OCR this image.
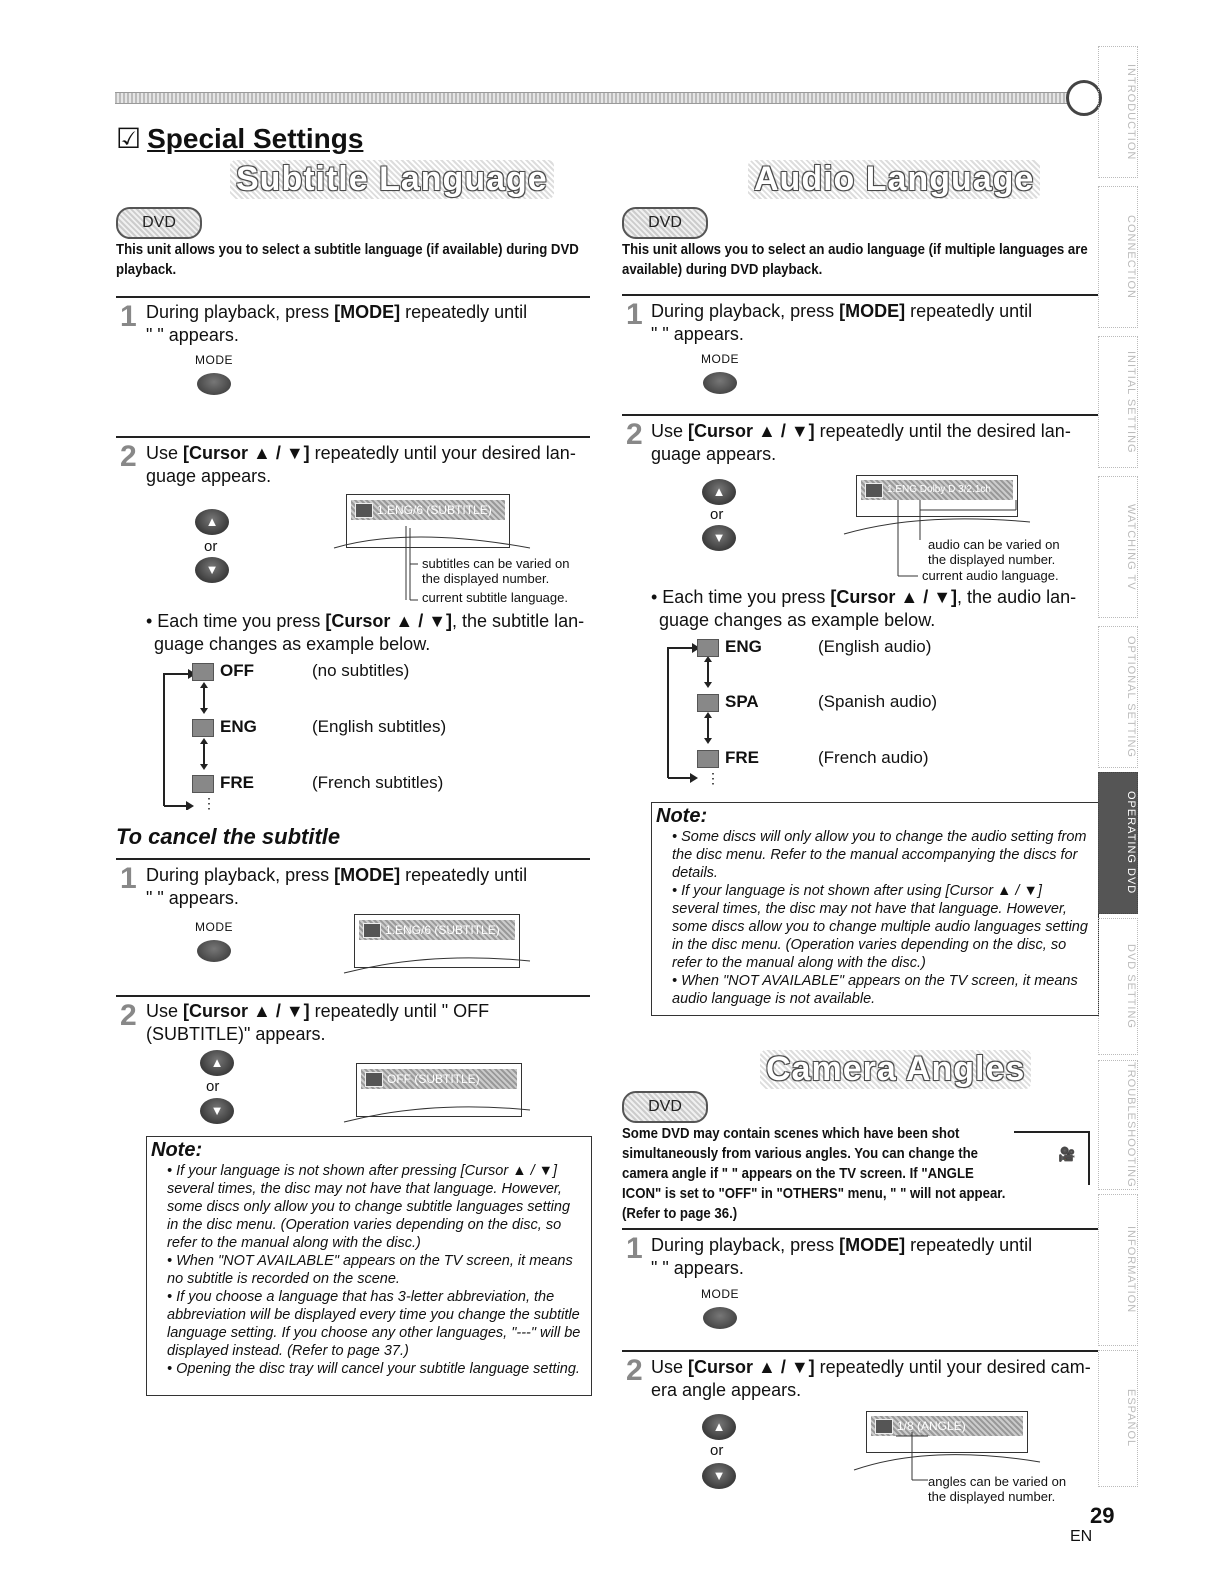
☑ Special Settings
Subtitle Language
DVD
This unit allows you to select a subtitle language (if available) during DVD playback.
1 During playback, press [MODE] repeatedly until
" " appears.
MODE
2 Use [Cursor ▲ / ▼] repeatedly until your desired lan-
guage appears.
▲
or
▼
1.ENG/6 (SUBTITLE)
subtitles can be varied on
the displayed number.
current subtitle language.
• Each time you press [Cursor ▲ / ▼], the subtitle lan-
guage changes as example below.
OFF	(no subtitles)
ENG	(English subtitles)
FRE	(French subtitles)
⋮
To cancel the subtitle
1 During playback, press [MODE] repeatedly until
" " appears.
MODE	1.ENG/6 (SUBTITLE)
2 Use [Cursor ▲ / ▼] repeatedly until " OFF
(SUBTITLE)" appears.
▲
or
▼
OFF (SUBTITLE)
Note:
• If your language is not shown after pressing [Cursor ▲ / ▼] several times, the disc may not have that language. However, some discs only allow you to change subtitle languages setting in the disc menu. (Operation varies depending on the disc, so refer to the manual along with the disc.)
• When "NOT AVAILABLE" appears on the TV screen, it means no subtitle is recorded on the scene.
• If you choose a language that has 3-letter abbreviation, the abbreviation will be displayed every time you change the subtitle language setting. If you choose any other languages, "---" will be displayed instead. (Refer to page 37.)
• Opening the disc tray will cancel your subtitle language setting.
Audio Language
DVD
This unit allows you to select an audio language (if multiple languages are available) during DVD playback.
1 During playback, press [MODE] repeatedly until
" " appears.
MODE
2 Use [Cursor ▲ / ▼] repeatedly until the desired lan-
guage appears.
▲
or
▼
1.ENG Dolby D 3/2.1ch 48k/3
audio can be varied on
the displayed number.
current audio language.
• Each time you press [Cursor ▲ / ▼], the audio lan-
guage changes as example below.
ENG	(English audio)
SPA	(Spanish audio)
FRE	(French audio)
⋮
Note:
• Some discs will only allow you to change the audio setting from the disc menu. Refer to the manual accompanying the discs for details.
• If your language is not shown after using [Cursor ▲ / ▼] several times, the disc may not have that language. However, some discs allow you to change multiple audio languages setting in the disc menu. (Operation varies depending on the disc, so refer to the manual along with the disc.)
• When "NOT AVAILABLE" appears on the TV screen, it means audio language is not available.
Camera Angles
DVD
Some DVD may contain scenes which have been shot simultaneously from various angles. You can change the camera angle if " " appears on the TV screen. If "ANGLE ICON" is set to "OFF" in "OTHERS" menu, " " will not appear. (Refer to page 36.)
🎥
1 During playback, press [MODE] repeatedly until
" " appears.
MODE
2 Use [Cursor ▲ / ▼] repeatedly until your desired cam-
era angle appears.
▲
or
▼
1/8 (ANGLE)
angles can be varied on
the displayed number.
INTRODUCTION
CONNECTION
INITIAL SETTING
WATCHING TV
OPTIONAL SETTING
OPERATING DVD
DVD SETTING
TROUBLESHOOTING
INFORMATION
ESPAÑOL
29
EN
